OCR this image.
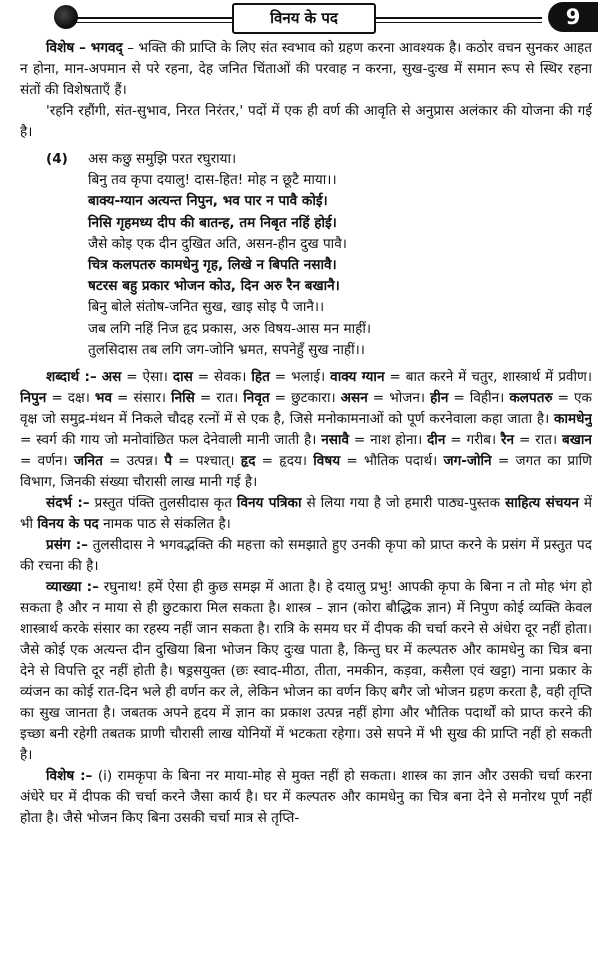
विनय के पद	9

विशेष – भगवद् – भक्ति की प्राप्ति के लिए संत स्वभाव को ग्रहण करना आवश्यक है। कठोर वचन सुनकर आहत न होना, मान-अपमान से परे रहना, देह जनित चिंताओं की परवाह न करना, सुख-दुःख में समान रूप से स्थिर रहना संतों की विशेषताएँ हैं।

'रहनि रहौंगी, संत-सुभाव, निरत निरंतर,' पदों में एक ही वर्ण की आवृति से अनुप्रास अलंकार की योजना की गई है।

(4) अस कछु समुझि परत रघुराया।
बिनु तव कृपा दयालु! दास-हित! मोह न छूटै माया।।
बाक्य-ग्यान अत्यन्त निपुन, भव पार न पावै कोई।
निसि गृहमध्य दीप की बातन्ह, तम निबृत नहिं होई।
जैसे कोइ एक दीन दुखित अति, असन-हीन दुख पावै।
चित्र कलपतरु कामधेनु गृह, लिखे न बिपति नसावै।
षटरस बहु प्रकार भोजन कोउ, दिन अरु रैन बखानै।
बिनु बोले संतोष-जनित सुख, खाइ सोइ पै जानै।।
जब लगि नहिं निज हृद प्रकास, अरु विषय-आस मन माहीं।
तुलसिदास तब लगि जग-जोनि भ्रमत, सपनेहुँ सुख नाहीं।।

शब्दार्थ :– अस = ऐसा। दास = सेवक। हित = भलाई। वाक्य ग्यान = बात करने में चतुर, शास्त्रार्थ में प्रवीण। निपुन = दक्ष। भव = संसार। निसि = रात। निवृत = छुटकारा। असन = भोजन। हीन = विहीन। कलपतरु = एक वृक्ष जो समुद्र-मंथन में निकले चौदह रत्नों में से एक है, जिसे मनोकामनाओं को पूर्ण करनेवाला कहा जाता है। कामधेनु = स्वर्ग की गाय जो मनोवांछित फल देनेवाली मानी जाती है। नसावै = नाश होना। दीन = गरीब। रैन = रात। बखान = वर्णन। जनित = उत्पन्न। पै = पश्चात्। हृद = हृदय। विषय = भौतिक पदार्थ। जग-जोनि = जगत का प्राणि विभाग, जिनकी संख्या चौरासी लाख मानी गई है।

संदर्भ :– प्रस्तुत पंक्ति तुलसीदास कृत विनय पत्रिका से लिया गया है जो हमारी पाठ्य-पुस्तक साहित्य संचयन में भी विनय के पद नामक पाठ से संकलित है।

प्रसंग :– तुलसीदास ने भगवद्भक्ति की महत्ता को समझाते हुए उनकी कृपा को प्राप्त करने के प्रसंग में प्रस्तुत पद की रचना की है।

व्याख्या :– रघुनाथ! हमें ऐसा ही कुछ समझ में आता है। हे दयालु प्रभु! आपकी कृपा के बिना न तो मोह भंग हो सकता है और न माया से ही छुटकारा मिल सकता है। शास्त्र – ज्ञान (कोरा बौद्धिक ज्ञान) में निपुण कोई व्यक्ति केवल शास्त्रार्थ करके संसार का रहस्य नहीं जान सकता है। रात्रि के समय घर में दीपक की चर्चा करने से अंधेरा दूर नहीं होता। जैसे कोई एक अत्यन्त दीन दुखिया बिना भोजन किए दुःख पाता है, किन्तु घर में कल्पतरु और कामधेनु का चित्र बना देने से विपत्ति दूर नहीं होती है। षड्रसयुक्त (छः स्वाद-मीठा, तीता, नमकीन, कड़वा, कसैला एवं खट्टा) नाना प्रकार के व्यंजन का कोई रात-दिन भले ही वर्णन कर ले, लेकिन भोजन का वर्णन किए बगैर जो भोजन ग्रहण करता है, वही तृप्ति का सुख जानता है। जबतक अपने हृदय में ज्ञान का प्रकाश उत्पन्न नहीं होगा और भौतिक पदार्थों को प्राप्त करने की इच्छा बनी रहेगी तबतक प्राणी चौरासी लाख योनियों में भटकता रहेगा। उसे सपने में भी सुख की प्राप्ति नहीं हो सकती है।

विशेष :– (i) रामकृपा के बिना नर माया-मोह से मुक्त नहीं हो सकता। शास्त्र का ज्ञान और उसकी चर्चा करना अंधेरे घर में दीपक की चर्चा करने जैसा कार्य है। घर में कल्पतरु और कामधेनु का चित्र बना देने से मनोरथ पूर्ण नहीं होता है। जैसे भोजन किए बिना उसकी चर्चा मात्र से तृप्ति-
